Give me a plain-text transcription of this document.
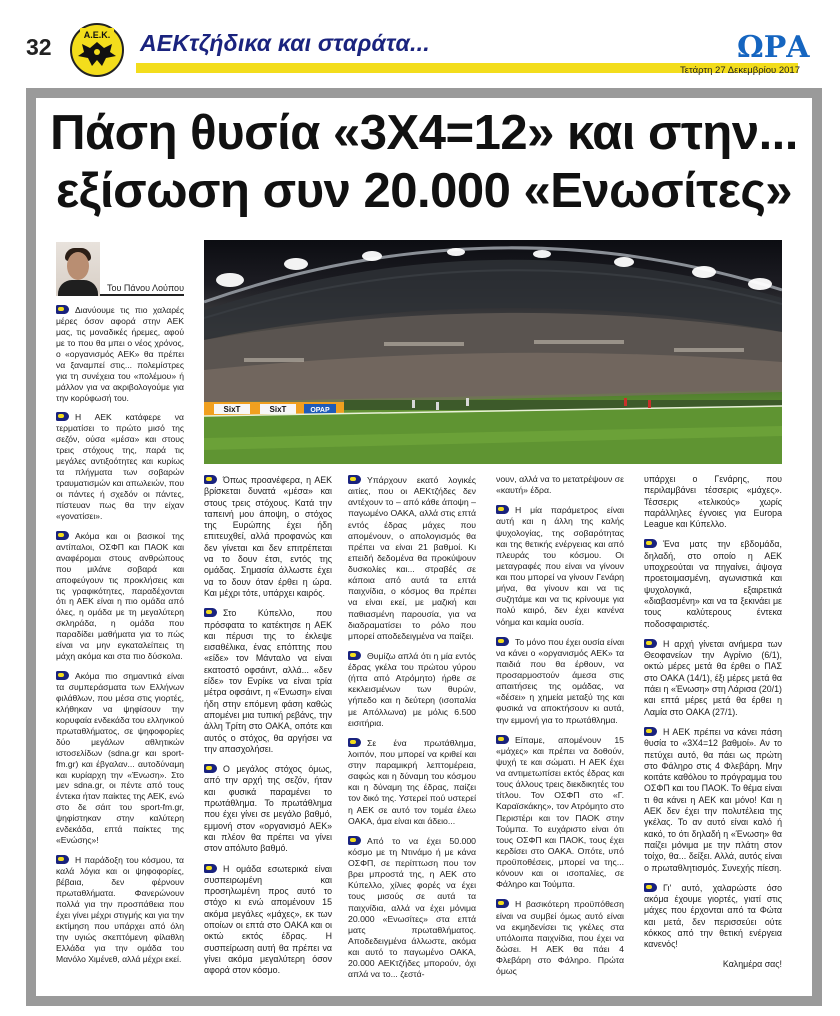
32	Α.Ε.Κ. ΑΕΚτζήδικα και σταράτα...	ΩΡΑ
Τετάρτη 27 Δεκεμβρίου 2017
Πάση θυσία «3Χ4=12» και στην...
εξίσωση συν 20.000 «Ενωσίτες»
Του Πάνου Λούπου
SixT	SixT	OPAP

Διανύουμε τις πιο χαλαρές μέρες όσον αφορά στην ΑΕΚ μας, τις μοναδικές ήρεμες, αφού με το που θα μπει ο νέος χρόνος, ο «οργανισμός ΑΕΚ» θα πρέπει να ξαναμπεί στις... πολεμίστρες για τη συνέχεια του «πολέμου» ή μάλλον για να ακριβολογούμε για την κορύφωσή του.

Η ΑΕΚ κατάφερε να τερματίσει το πρώτο μισό της σεζόν, ούσα «μέσα» και στους τρεις στόχους της, παρά τις μεγάλες αντιξοότητες και κυρίως τα πλήγματα των σοβαρών τραυματισμών και απωλειών, που οι πάντες ή σχεδόν οι πάντες, πίστευαν πως θα την είχαν «γονατίσει».

Ακόμα και οι βασικοί της αντίπαλοι, ΟΣΦΠ και ΠΑΟΚ και αναφέρομαι στους ανθρώπους που μιλάνε σοβαρά και αποφεύγουν τις προκλήσεις και τις γραφικότητες, παραδέχονται ότι η ΑΕΚ είναι η πιο ομάδα από όλες, η ομάδα με τη μεγαλύτερη σκληράδα, η ομάδα που παραδίδει μαθήματα για το πώς είναι να μην εγκαταλείπεις τη μάχη ακόμα και στα πιο δύσκολα.

Ακόμα πιο σημαντικά είναι τα συμπεράσματα των Ελλήνων φιλάθλων, που μέσα στις γιορτές, κλήθηκαν να ψηφίσουν την κορυφαία ενδεκάδα του ελληνικού πρωταθλήματος, σε ψηφοφορίες δύο μεγάλων αθλητικών ιστοσελίδων (sdna.gr και sport-fm.gr) και έβγαλαν... αυτοδύναμη και κυρίαρχη την «Ένωση». Στο μεν sdna.gr, οι πέντε από τους έντεκα ήταν παίκτες της ΑΕΚ, ενώ στο δε σάιτ του sport-fm.gr, ψηφίστηκαν στην καλύτερη ενδεκάδα, επτά παίκτες της «Ενώσης»!

Η παράδοξη του κόσμου, τα καλά λόγια και οι ψηφοφορίες, βέβαια, δεν φέρνουν πρωταθλήματα. Φανερώνουν πολλά για την προσπάθεια που έχει γίνει μέχρι στιγμής και για την εκτίμηση που υπάρχει από όλη την υγιώς σκεπτόμενη φίλαθλη Ελλάδα για την ομάδα του Μανόλο Χιμένεθ, αλλά μέχρι εκεί.

Όπως προανέφερα, η ΑΕΚ βρίσκεται δυνατά «μέσα» και στους τρεις στόχους. Κατά την ταπεινή μου άποψη, ο στόχος της Ευρώπης έχει ήδη επιτευχθεί, αλλά προφανώς και δεν γίνεται και δεν επιτρέπεται να το δουν έτσι, εντός της ομάδας. Σημασία άλλωστε έχει να το δουν όταν έρθει η ώρα. Και μέχρι τότε, υπάρχει καιρός.

Στο Κύπελλο, που πρόσφατα το κατέκτησε η ΑΕΚ και πέρυσι της το έκλεψε εισαθέλικα, ένας επόπτης που «είδε» τον Μάνταλο να είναι εκατοστό οφσάιντ, αλλά... «δεν είδε» τον Ενρίκε να είναι τρία μέτρα οφσάιντ, η «Ένωση» είναι ήδη στην επόμενη φάση καθώς απομένει μια τυπική ρεβάνς, την άλλη Τρίτη στο ΟΑΚΑ, οπότε και αυτός ο στόχος, θα αργήσει να την απασχολήσει.

Ο μεγάλος στόχος όμως, από την αρχή της σεζόν, ήταν και φυσικά παραμένει το πρωτάθλημα. Το πρωτάθλημα που έχει γίνει σε μεγάλο βαθμό, εμμονή στον «οργανισμό ΑΕΚ» και πλέον θα πρέπει να γίνει στον απόλυτο βαθμό.

Η ομάδα εσωτερικά είναι συσπειρωμένη και προσηλωμένη προς αυτό το στόχο κι ενώ απομένουν 15 ακόμα μεγάλες «μάχες», εκ των οποίων οι επτά στο ΟΑΚΑ και οι οκτώ εκτός έδρας. Η συσπείρωση αυτή θα πρέπει να γίνει ακόμα μεγαλύτερη όσον αφορά στον κόσμο.

Υπάρχουν εκατό λογικές αιτίες, που οι ΑΕΚτζήδες δεν αντέχουν το – από κάθε άποψη – παγωμένο ΟΑΚΑ, αλλά στις επτά εντός έδρας μάχες που απομένουν, ο απολογισμός θα πρέπει να είναι 21 βαθμοί. Κι επειδή δεδομένα θα προκύψουν δυσκολίες και... στραβές σε κάποια από αυτά τα επτά παιχνίδια, ο κόσμος θα πρέπει να είναι εκεί, με μαζική και παθιασμένη παρουσία, για να διαδραματίσει το ρόλο που μπορεί αποδεδειγμένα να παίξει.

Θυμίζω απλά ότι η μία εντός έδρας γκέλα του πρώτου γύρου (ήττα από Ατρόμητο) ήρθε σε κεκλεισμένων των θυρών, γήπεδο και η δεύτερη (ισοπαλία με Απόλλωνα) με μόλις 6.500 εισιτήρια.

Σε ένα πρωτάθλημα, λοιπόν, που μπορεί να κριθεί και στην παραμικρή λεπτομέρεια, σαφώς και η δύναμη του κόσμου και η δύναμη της έδρας, παίζει τον δικό της. Υστερεί πού υστερεί η ΑΕΚ σε αυτό τον τομέα έλεω ΟΑΚΑ, άμα είναι και άδειο...

Από το να έχει 50.000 κόσμο με τη Ντινάμο ή με κάνα ΟΣΦΠ, σε περίπτωση που τον βρει μπροστά της, η ΑΕΚ στο Κύπελλο, χίλιες φορές να έχει τους μισούς σε αυτά τα παιχνίδια, αλλά να έχει μόνιμα 20.000 «Ενωσίτες» στα επτά ματς πρωταθλήματος. Αποδεδειγμένα άλλωστε, ακόμα και αυτό το παγωμένο ΟΑΚΑ, 20.000 ΑΕΚτζήδες μπορούν, όχι απλά να το... ζεστά-

νουν, αλλά να το μετατρέψουν σε «καυτή» έδρα.

Η μία παράμετρος είναι αυτή και η άλλη της καλής ψυχολογίας, της σοβαρότητας και της θετικής ενέργειας και από πλευράς του κόσμου. Οι μεταγραφές που είναι να γίνουν και που μπορεί να γίνουν Γενάρη μήνα, θα γίνουν και να τις συζητάμε και να τις κρίνουμε για πολύ καιρό, δεν έχει κανένα νόημα και καμία ουσία.

Το μόνο που έχει ουσία είναι να κάνει ο «οργανισμός ΑΕΚ» τα παιδιά που θα έρθουν, να προσαρμοστούν άμεσα στις απαιτήσεις της ομάδας, να «δέσει» η χημεία μεταξύ της και φυσικά να αποκτήσουν κι αυτά, την εμμονή για το πρωτάθλημα.

Είπαμε, απομένουν 15 «μάχες» και πρέπει να δοθούν, ψυχή τε και σώματι. Η ΑΕΚ έχει να αντιμετωπίσει εκτός έδρας και τους άλλους τρεις διεκδικητές του τίτλου. Τον ΟΣΦΠ στο «Γ. Καραϊσκάκης», τον Ατρόμητο στο Περιστέρι και τον ΠΑΟΚ στην Τούμπα. Το ευχάριστο είναι ότι τους ΟΣΦΠ και ΠΑΟΚ, τους έχει κερδίσει στο ΟΑΚΑ. Οπότε, υπό προϋποθέσεις, μπορεί να της... κόνουν και οι ισοπαλίες, σε Φάληρο και Τούμπα.

Η βασικότερη προϋπόθεση είναι να συμβεί όμως αυτό είναι να εκμηδενίσει τις γκέλες στα υπόλοιπα παιχνίδια, που έχει να δώσει. Η ΑΕΚ θα πάει 4 Φλεβάρη στο Φάληρο. Πρώτα όμως

υπάρχει ο Γενάρης, που περιλαμβάνει τέσσερις «μάχες». Τέσσερις «τελικούς» χωρίς παράλληλες έγνοιες για Europa League και Κύπελλο.

Ένα ματς την εβδομάδα, δηλαδή, στο οποίο η ΑΕΚ υποχρεούται να πηγαίνει, άψογα προετοιμασμένη, αγωνιστικά και ψυχολογικά, εξαιρετικά «διαβασμένη» και να τα ξεκινάει με τους καλύτερους έντεκα ποδοσφαιριστές.

Η αρχή γίνεται ανήμερα των Θεοφανείων την Αγρίνιο (6/1), οκτώ μέρες μετά θα έρθει ο ΠΑΣ στο ΟΑΚΑ (14/1), έξι μέρες μετά θα πάει η «Ένωση» στη Λάρισα (20/1) και επτά μέρες μετά θα έρθει η Λαμία στο ΟΑΚΑ (27/1).

Η ΑΕΚ πρέπει να κάνει πάση θυσία το «3Χ4=12 βαθμοί». Αν το πετύχει αυτό, θα πάει ως πρώτη στο Φάληρο στις 4 Φλεβάρη. Μην κοιτάτε καθόλου το πρόγραμμα του ΟΣΦΠ και του ΠΑΟΚ. Το θέμα είναι τι θα κάνει η ΑΕΚ και μόνο! Και η ΑΕΚ δεν έχει την πολυτέλεια της γκέλας. Το αν αυτό είναι καλό ή κακό, το ότι δηλαδή η «Ένωση» θα παίζει μόνιμα με την πλάτη στον τοίχο, θα... δείξει. Αλλά, αυτός είναι ο πρωταθλητισμός. Συνεχής πίεση.

Γι' αυτό, χαλαρώστε όσο ακόμα έχουμε γιορτές, γιατί στις μάχες που έρχονται από τα Φώτα και μετά, δεν περισσεύει ούτε κόκκος από την θετική ενέργεια κανενός!

Καλημέρα σας!
